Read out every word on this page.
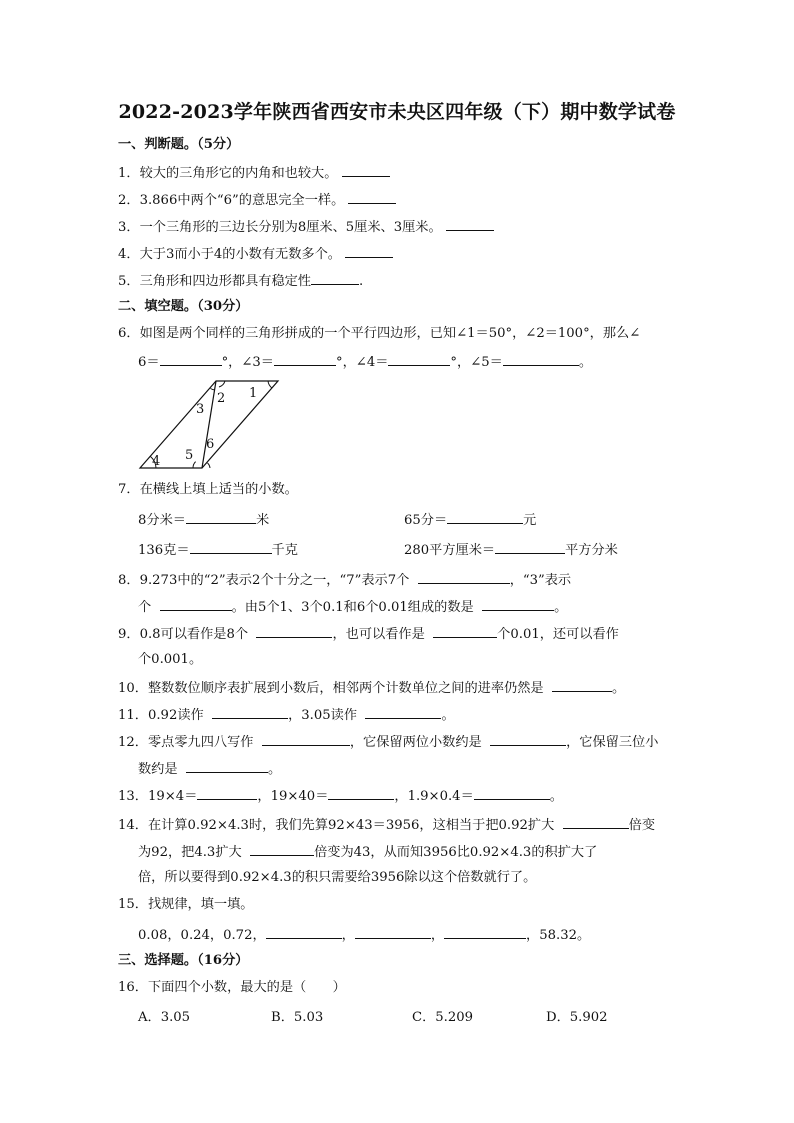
2022-2023学年陕西省西安市未央区四年级（下）期中数学试卷
一、判断题。（5分）
1．较大的三角形它的内角和也较大。
2．3.866中两个“6”的意思完全一样。
3．一个三角形的三边长分别为8厘米、5厘米、3厘米。
4．大于3而小于4的小数有无数多个。
5．三角形和四边形都具有稳定性	.
二、填空题。（30分）
6．如图是两个同样的三角形拼成的一个平行四边形，已知∠1＝50°，∠2＝100°，那么∠
6＝	°，∠3＝	°，∠4＝	°，∠5＝	。
1
2
3
4 5
6
7．在横线上填上适当的小数。
8分米＝	米	65分＝	元
136克＝	千克	280平方厘米＝	平方分米
8．9.273中的“2”表示2个十分之一，“7”表示7个	，“3”表示
个	。由5个1、3个0.1和6个0.01组成的数是	。
9．0.8可以看作是8个	，也可以看作是	个0.01，还可以看作
个0.001。
10．整数数位顺序表扩展到小数后，相邻两个计数单位之间的进率仍然是	。
11．0.92读作	，3.05读作	。
12．零点零九四八写作	，它保留两位小数约是	，它保留三位小
数约是	。
13．19×4＝	，19×40＝	，1.9×0.4＝	。
14．在计算0.92×4.3时，我们先算92×43＝3956，这相当于把0.92扩大	倍变
为92，把4.3扩大	倍变为43，从而知3956比0.92×4.3的积扩大了
倍，所以要得到0.92×4.3的积只需要给3956除以这个倍数就行了。
15．找规律，填一填。
0.08，0.24，0.72，	，	，	，58.32。
三、选择题。（16分）
16．下面四个小数，最大的是（　　）
A．3.05	B．5.03	C．5.209	D．5.902
